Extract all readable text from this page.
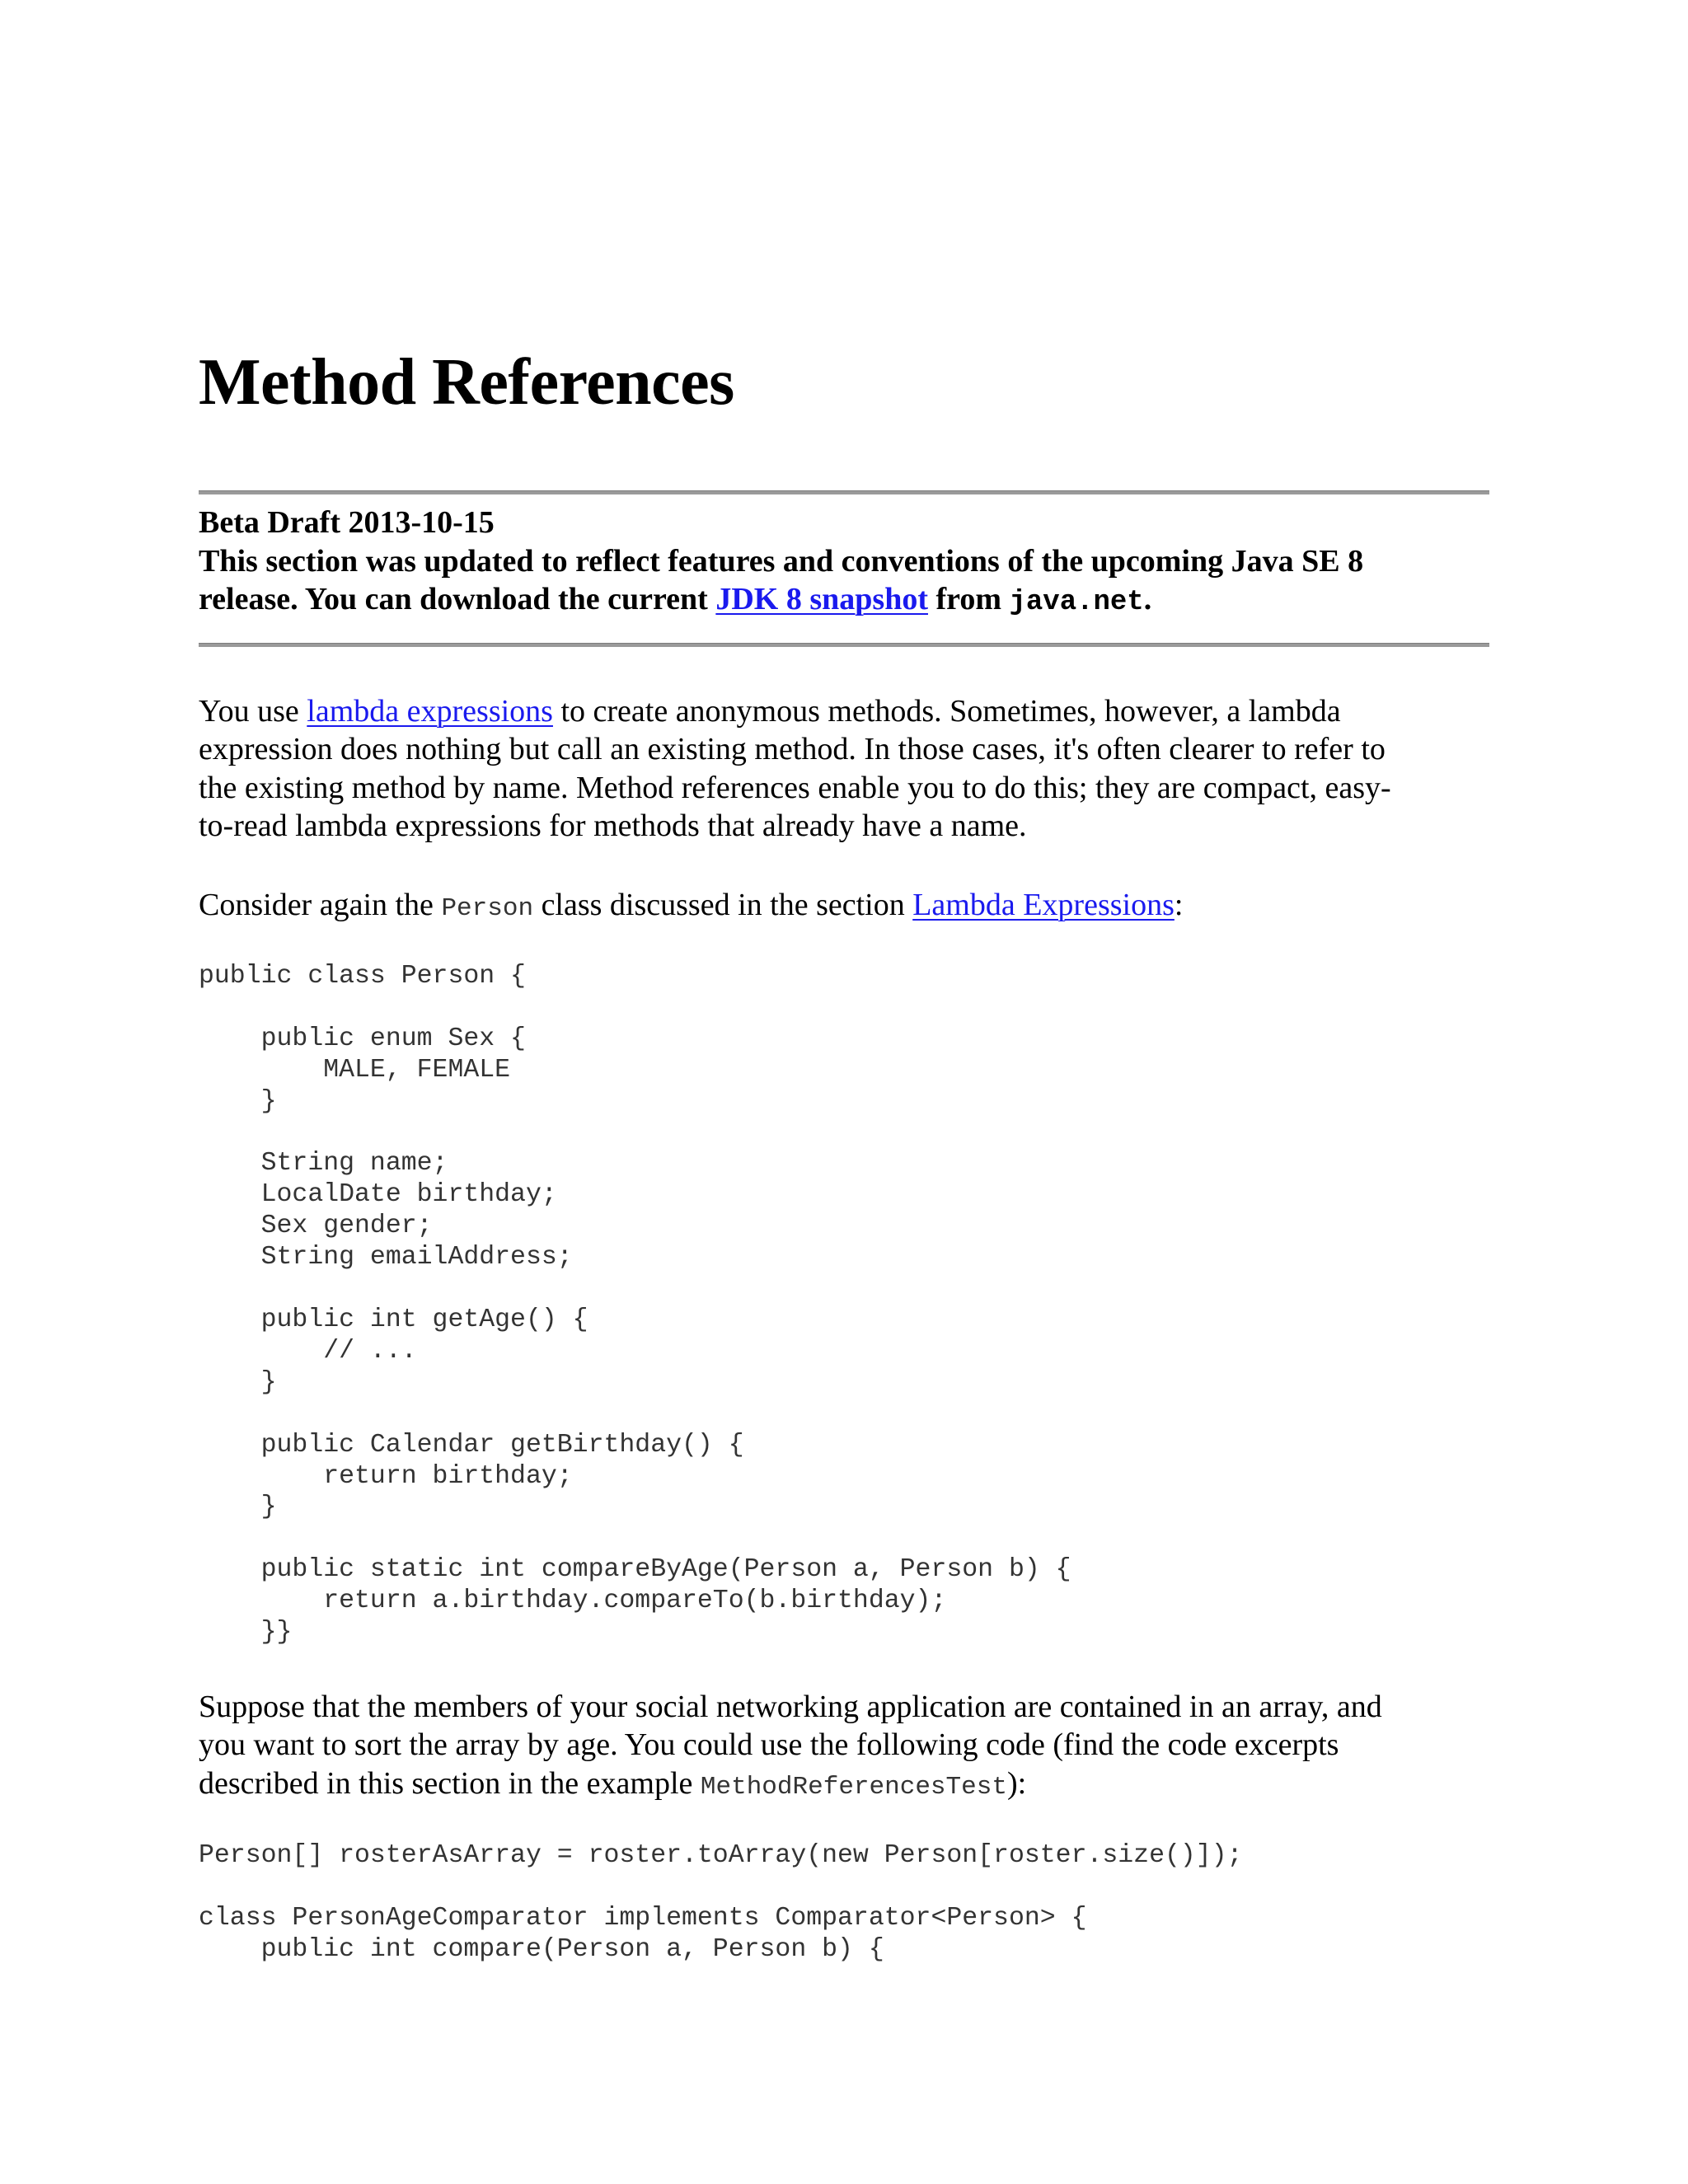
Method References
Beta Draft 2013-10-15
This section was updated to reflect features and conventions of the upcoming Java SE 8
release. You can download the current JDK 8 snapshot from java.net.
You use lambda expressions to create anonymous methods. Sometimes, however, a lambda
expression does nothing but call an existing method. In those cases, it's often clearer to refer to
the existing method by name. Method references enable you to do this; they are compact, easy-
to-read lambda expressions for methods that already have a name.
Consider again the Person class discussed in the section Lambda Expressions:
public class Person {

public enum Sex {
MALE, FEMALE
}

String name;
LocalDate birthday;
Sex gender;
String emailAddress;

public int getAge() {
// ...
}

public Calendar getBirthday() {
return birthday;
}

public static int compareByAge(Person a, Person b) {
return a.birthday.compareTo(b.birthday);
}}
Suppose that the members of your social networking application are contained in an array, and
you want to sort the array by age. You could use the following code (find the code excerpts
described in this section in the example MethodReferencesTest):
Person[] rosterAsArray = roster.toArray(new Person[roster.size()]);

class PersonAgeComparator implements Comparator<Person> {
public int compare(Person a, Person b) {
